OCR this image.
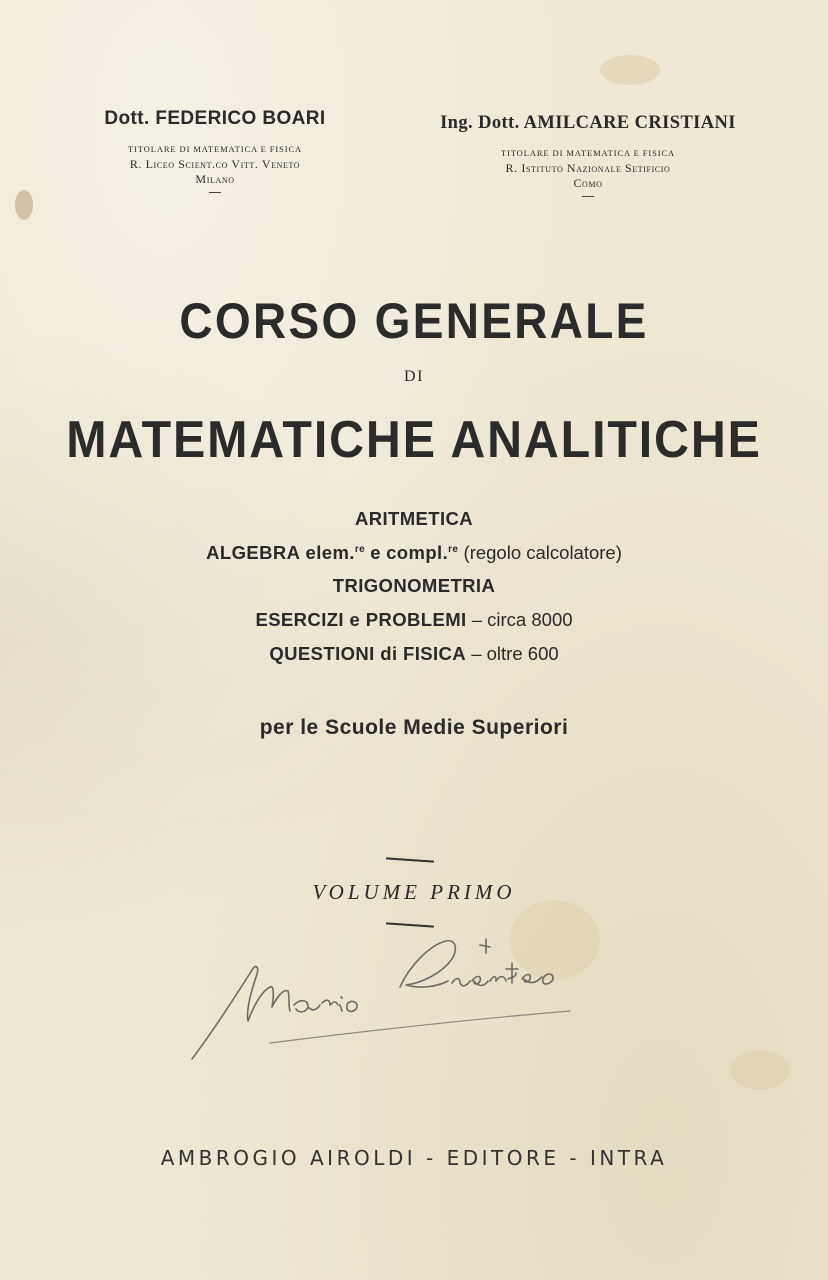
Dott. FEDERICO BOARI
TITOLARE DI MATEMATICA E FISICA
R. Liceo Scient.co Vitt. Veneto
Milano
Ing. Dott. AMILCARE CRISTIANI
TITOLARE DI MATEMATICA E FISICA
R. Istituto Nazionale Setificio
Como
CORSO GENERALE
DI
MATEMATICHE ANALITICHE
ARITMETICA
ALGEBRA elem.$^{re}$ e compl.$^{re}$ (regolo calcolatore)
TRIGONOMETRIA
ESERCIZI e PROBLEMI – circa 8000
QUESTIONI di FISICA – oltre 600
per le Scuole Medie Superiori
VOLUME PRIMO
AMBROGIO AIROLDI - EDITORE - INTRA
